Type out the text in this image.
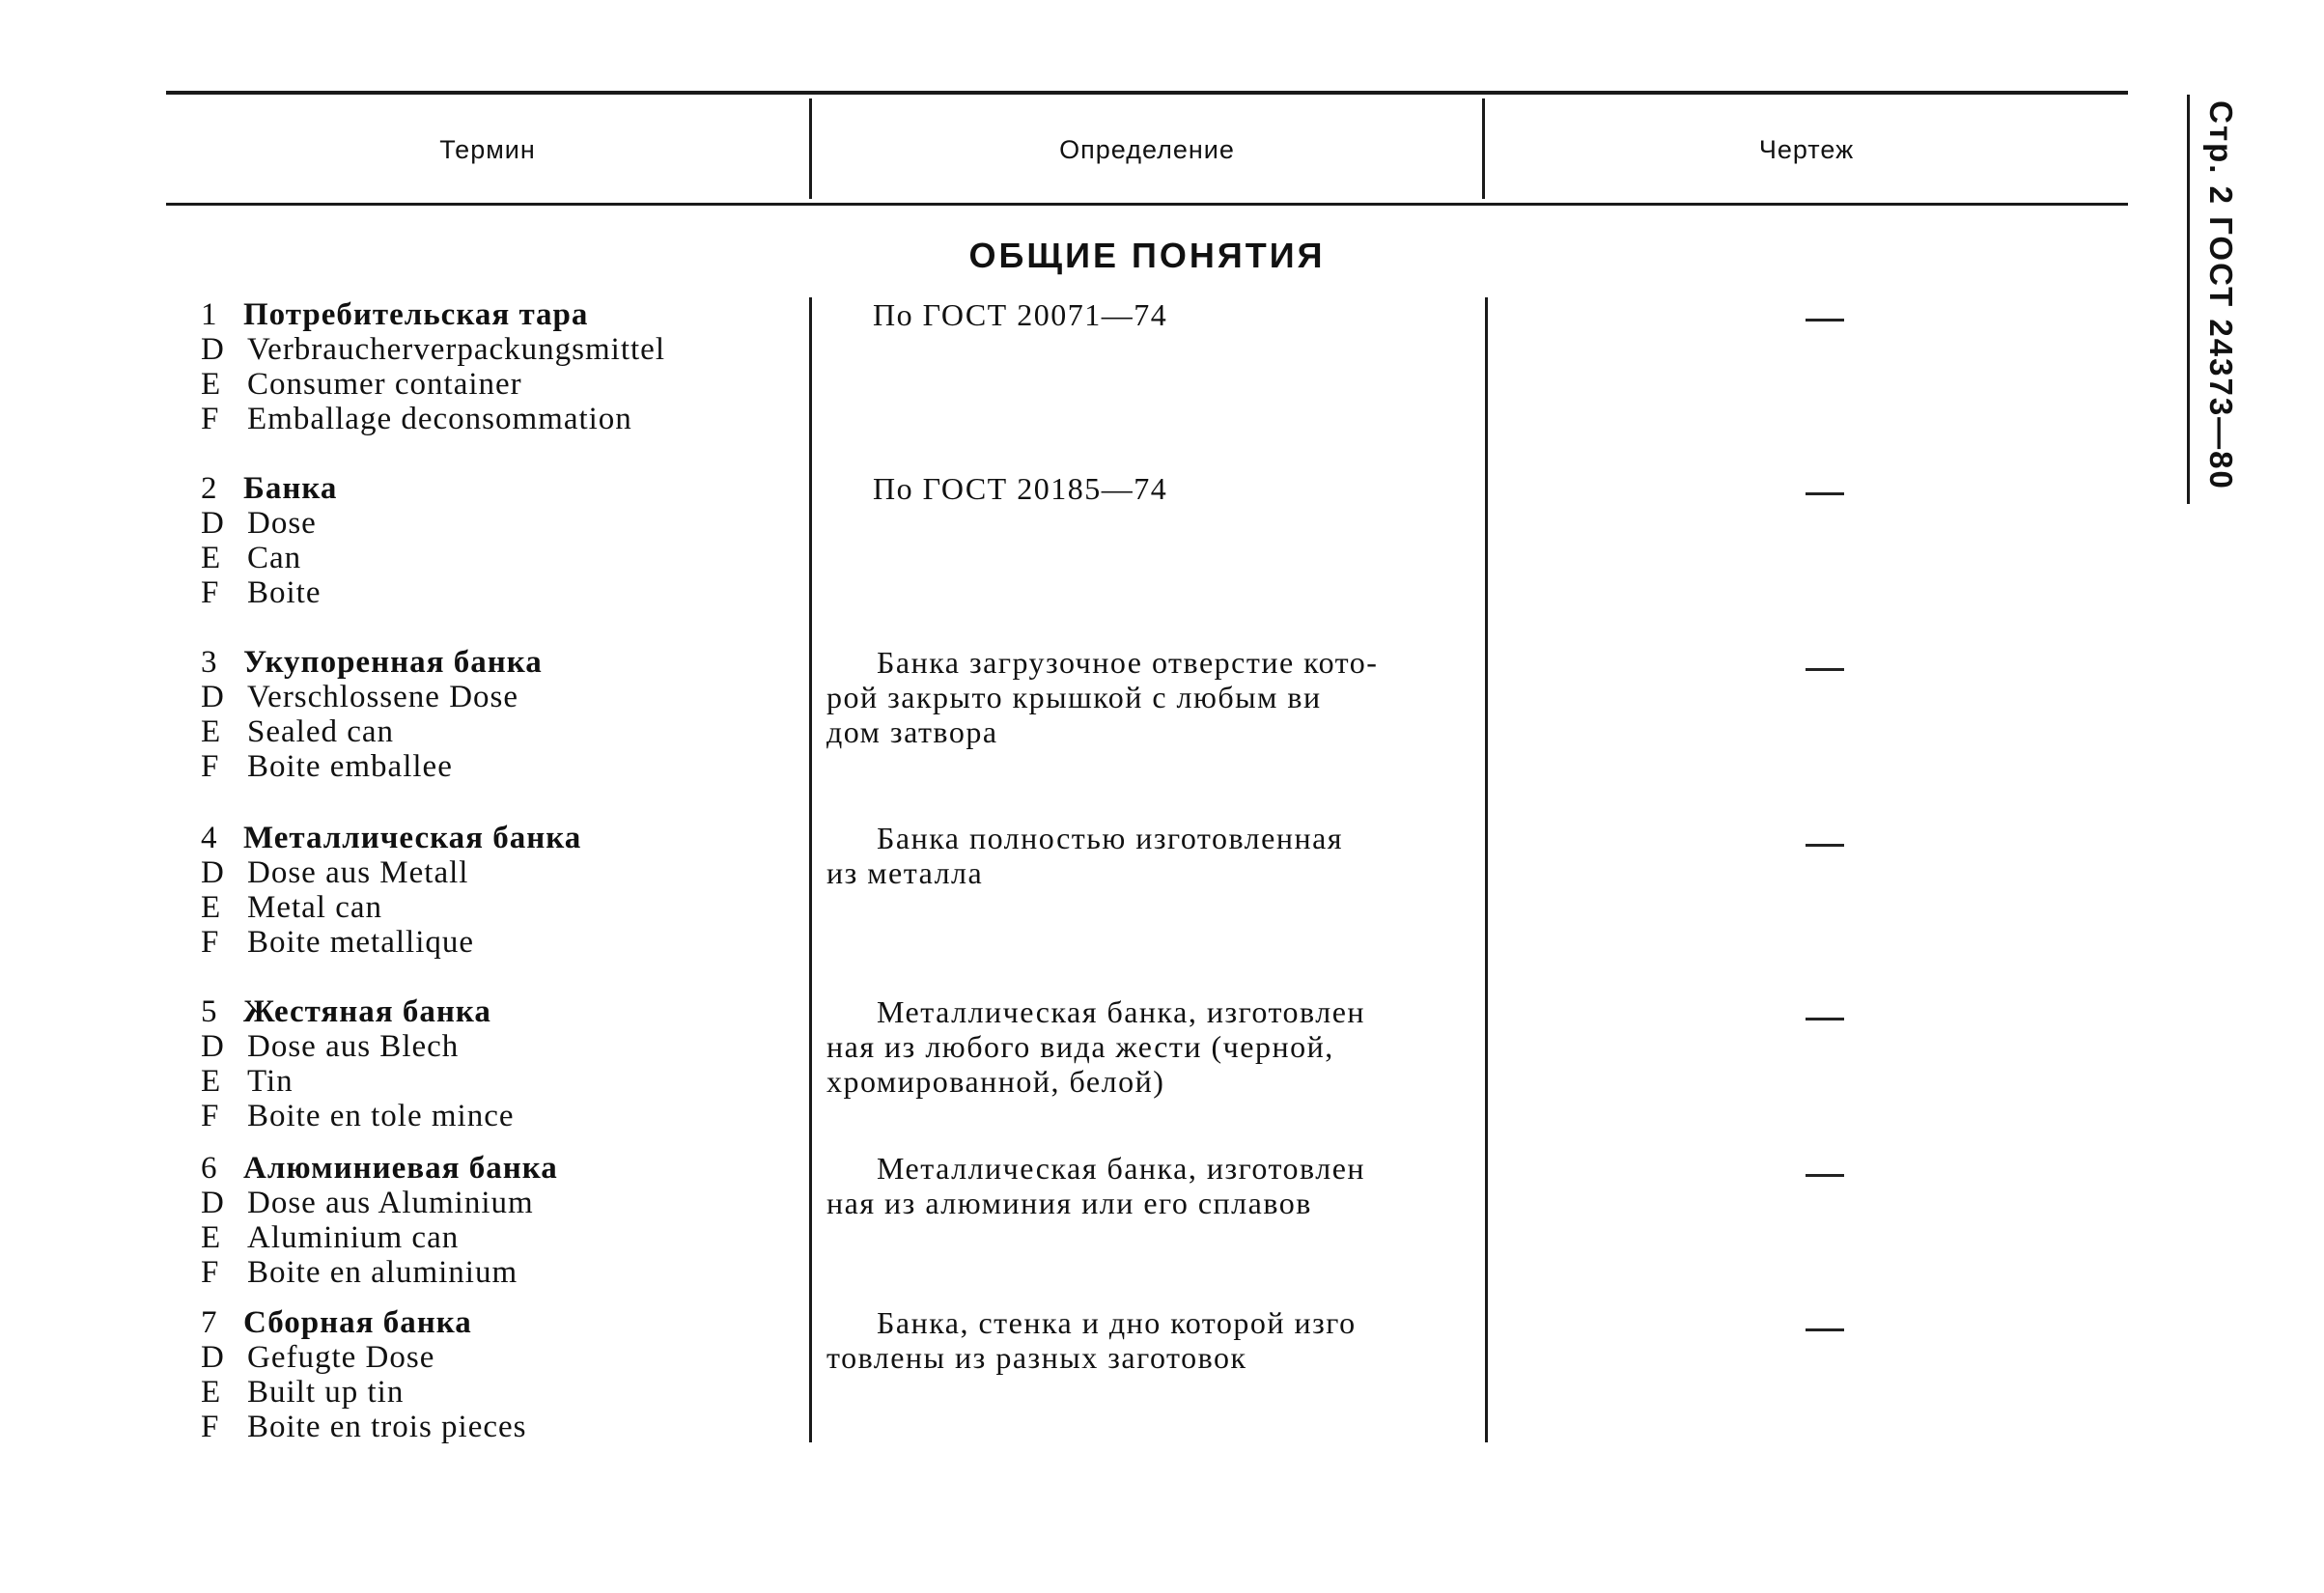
Термин	Определение	Чертеж
ОБЩИЕ ПОНЯТИЯ
1 Потребительская тара
D Verbraucherverpackungsmittel
E Consumer container
F Emballage deconsommation
По ГОСТ 20071—74
2 Банка
D Dose
E Can
F Boite
По ГОСТ 20185—74
3 Укупоренная банка
D Verschlossene Dose
E Sealed can
F Boite emballee
Банка загрузочное отверстие кото-
рой закрыто крышкой с любым ви
дом затвора
4 Металлическая банка
D Dose aus Metall
E Metal can
F Boite metallique
Банка полностью изготовленная
из металла
5 Жестяная банка
D Dose aus Blech
E Tin
F Boite en tole mince
Металлическая банка, изготовлен
ная из любого вида жести (черной,
хромированной, белой)
6 Алюминиевая банка
D Dose aus Aluminium
E Aluminium can
F Boite en aluminium
Металлическая банка, изготовлен
ная из алюминия или его сплавов
7 Сборная банка
D Gefugte Dose
E Built up tin
F Boite en trois pieces
Банка, стенка и дно которой изго
товлены из разных заготовок
Стр. 2 ГОСТ 24373—80
